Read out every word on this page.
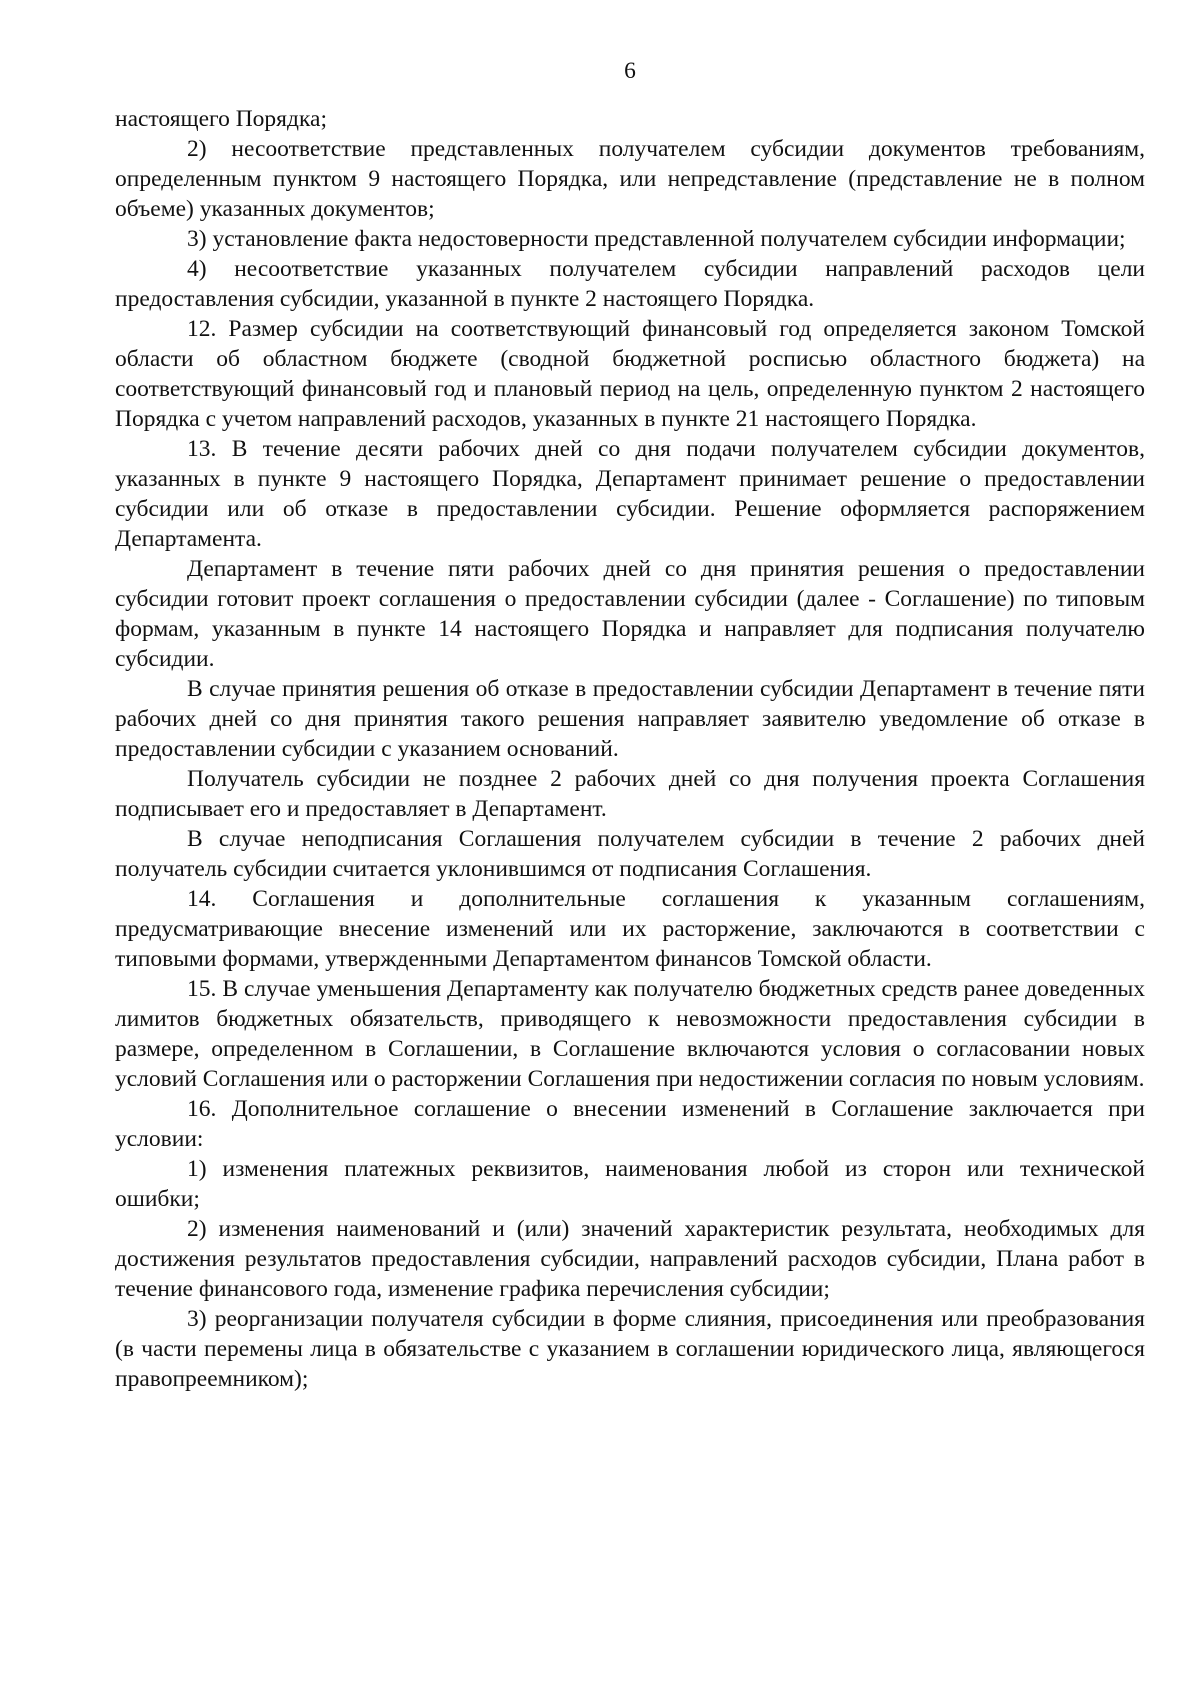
6

настоящего Порядка;

2) несоответствие представленных получателем субсидии документов требованиям, определенным пунктом 9 настоящего Порядка, или непредставление (представление не в полном объеме) указанных документов;

3) установление факта недостоверности представленной получателем субсидии информации;

4) несоответствие указанных получателем субсидии направлений расходов цели предоставления субсидии, указанной в пункте 2 настоящего Порядка.

12. Размер субсидии на соответствующий финансовый год определяется законом Томской области об областном бюджете (сводной бюджетной росписью областного бюджета) на соответствующий финансовый год и плановый период на цель, определенную пунктом 2 настоящего Порядка с учетом направлений расходов, указанных в пункте 21 настоящего Порядка.

13. В течение десяти рабочих дней со дня подачи получателем субсидии документов, указанных в пункте 9 настоящего Порядка, Департамент принимает решение о предоставлении субсидии или об отказе в предоставлении субсидии. Решение оформляется распоряжением Департамента.

Департамент в течение пяти рабочих дней со дня принятия решения о предоставлении субсидии готовит проект соглашения о предоставлении субсидии (далее - Соглашение) по типовым формам, указанным в пункте 14 настоящего Порядка и направляет для подписания получателю субсидии.

В случае принятия решения об отказе в предоставлении субсидии Департамент в течение пяти рабочих дней со дня принятия такого решения направляет заявителю уведомление об отказе в предоставлении субсидии с указанием оснований.

Получатель субсидии не позднее 2 рабочих дней со дня получения проекта Соглашения подписывает его и предоставляет в Департамент.

В случае неподписания Соглашения получателем субсидии в течение 2 рабочих дней получатель субсидии считается уклонившимся от подписания Соглашения.

14. Соглашения и дополнительные соглашения к указанным соглашениям, предусматривающие внесение изменений или их расторжение, заключаются в соответствии с типовыми формами, утвержденными Департаментом финансов Томской области.

15. В случае уменьшения Департаменту как получателю бюджетных средств ранее доведенных лимитов бюджетных обязательств, приводящего к невозможности предоставления субсидии в размере, определенном в Соглашении, в Соглашение включаются условия о согласовании новых условий Соглашения или о расторжении Соглашения при недостижении согласия по новым условиям.

16. Дополнительное соглашение о внесении изменений в Соглашение заключается при условии:

1) изменения платежных реквизитов, наименования любой из сторон или технической ошибки;

2) изменения наименований и (или) значений характеристик результата, необходимых для достижения результатов предоставления субсидии, направлений расходов субсидии, Плана работ в течение финансового года, изменение графика перечисления субсидии;

3) реорганизации получателя субсидии в форме слияния, присоединения или преобразования (в части перемены лица в обязательстве с указанием в соглашении юридического лица, являющегося правопреемником);
